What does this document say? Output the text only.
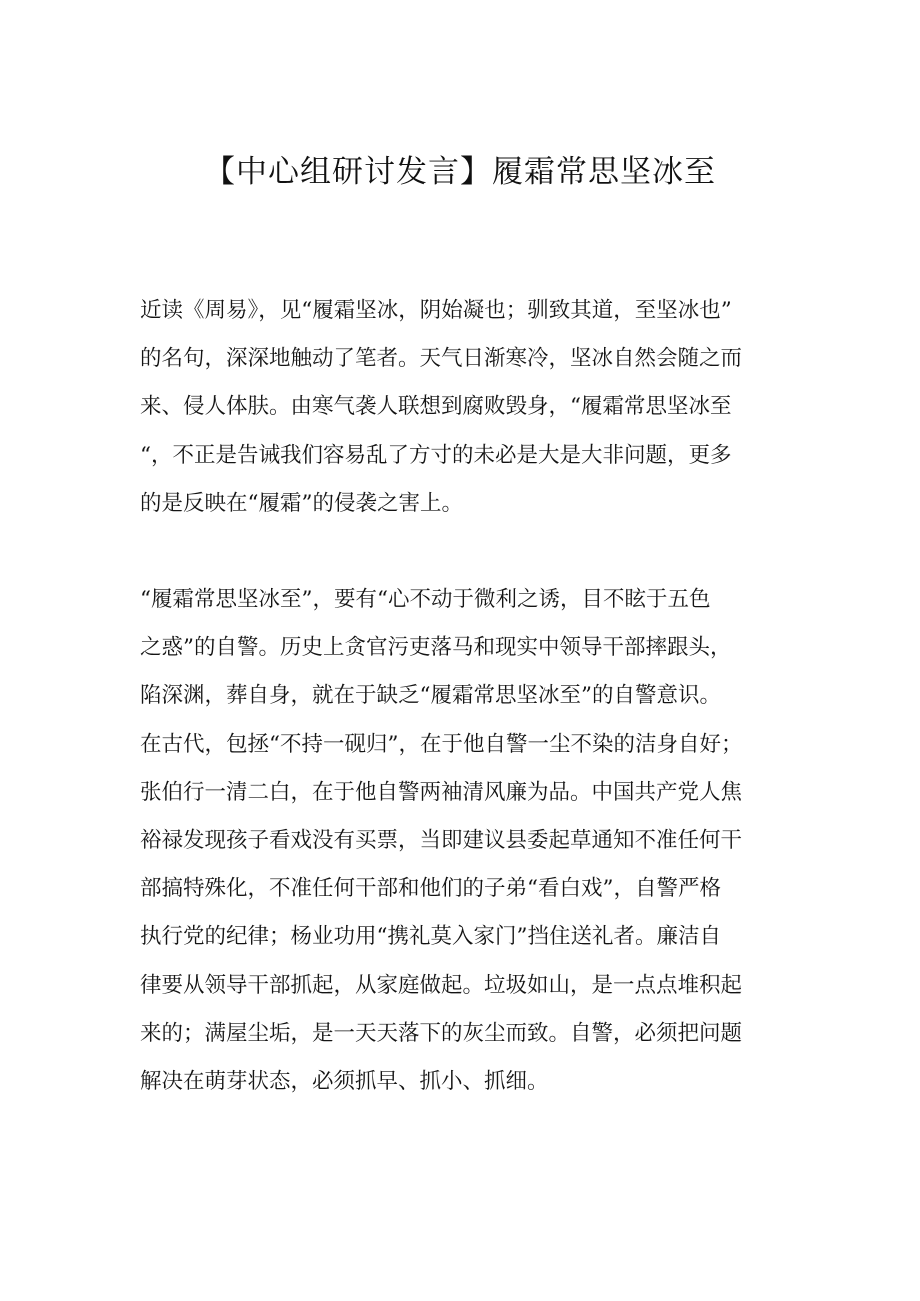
【中心组研讨发言】履霜常思坚冰至
近读《周易》，见“履霜坚冰，阴始凝也；驯致其道，至坚冰也”
的名句，深深地触动了笔者。天气日渐寒冷，坚冰自然会随之而
来、侵人体肤。由寒气袭人联想到腐败毁身，“履霜常思坚冰至
“，不正是告诫我们容易乱了方寸的未必是大是大非问题，更多
的是反映在“履霜”的侵袭之害上。
“履霜常思坚冰至”，要有“心不动于微利之诱，目不眩于五色
之惑”的自警。历史上贪官污吏落马和现实中领导干部摔跟头，
陷深渊，葬自身，就在于缺乏“履霜常思坚冰至”的自警意识。
在古代，包拯“不持一砚归”，在于他自警一尘不染的洁身自好；
张伯行一清二白，在于他自警两袖清风廉为品。中国共产党人焦
裕禄发现孩子看戏没有买票，当即建议县委起草通知不准任何干
部搞特殊化，不准任何干部和他们的子弟“看白戏”，自警严格
执行党的纪律；杨业功用“携礼莫入家门”挡住送礼者。廉洁自
律要从领导干部抓起，从家庭做起。垃圾如山，是一点点堆积起
来的；满屋尘垢，是一天天落下的灰尘而致。自警，必须把问题
解决在萌芽状态，必须抓早、抓小、抓细。
